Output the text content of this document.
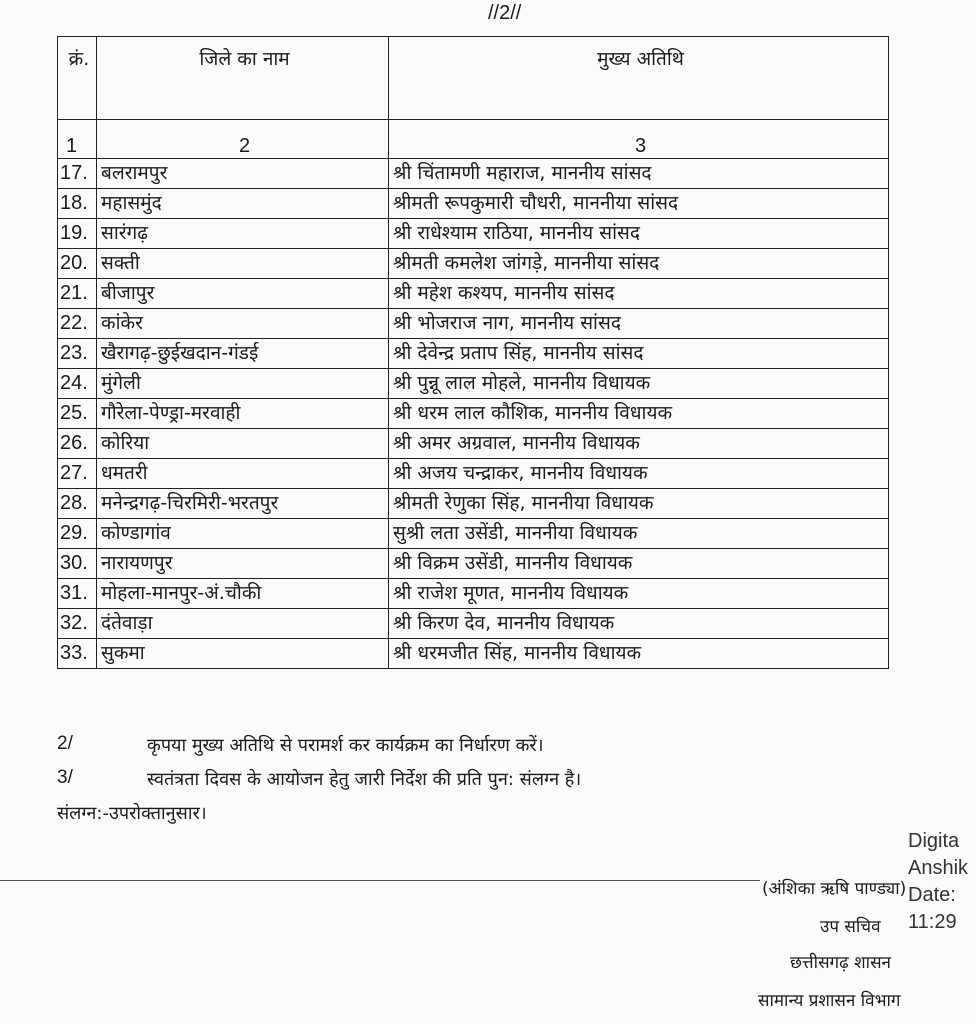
//2//
क्रं.	जिले का नाम	मुख्य अतिथि
1	2	3
17.	बलरामपुर	श्री चिंतामणी महाराज, माननीय सांसद
18.	महासमुंद	श्रीमती रूपकुमारी चौधरी, माननीया सांसद
19.	सारंगढ़	श्री राधेश्याम राठिया, माननीय सांसद
20.	सक्ती	श्रीमती कमलेश जांगड़े, माननीया सांसद
21.	बीजापुर	श्री महेश कश्यप, माननीय सांसद
22.	कांकेर	श्री भोजराज नाग, माननीय सांसद
23.	खैरागढ़-छुईखदान-गंडई	श्री देवेन्द्र प्रताप सिंह, माननीय सांसद
24.	मुंगेली	श्री पुन्नू लाल मोहले, माननीय विधायक
25.	गौरेला-पेण्ड्रा-मरवाही	श्री धरम लाल कौशिक, माननीय विधायक
26.	कोरिया	श्री अमर अग्रवाल, माननीय विधायक
27.	धमतरी	श्री अजय चन्द्राकर, माननीय विधायक
28.	मनेन्द्रगढ़-चिरमिरी-भरतपुर	श्रीमती रेणुका सिंह, माननीया विधायक
29.	कोण्डागांव	सुश्री लता उसेंडी, माननीया विधायक
30.	नारायणपुर	श्री विक्रम उसेंडी, माननीय विधायक
31.	मोहला-मानपुर-अं.चौकी	श्री राजेश मूणत, माननीय विधायक
32.	दंतेवाड़ा	श्री किरण देव, माननीय विधायक
33.	सुकमा	श्री धरमजीत सिंह, माननीय विधायक
2/	कृपया मुख्य अतिथि से परामर्श कर कार्यक्रम का निर्धारण करें।
3/	स्वतंत्रता दिवस के आयोजन हेतु जारी निर्देश की प्रति पुन: संलग्न है।
संलग्न:-उपरोक्तानुसार।
(अंशिका ऋषि पाण्ड्या)
उप सचिव
छत्तीसगढ़ शासन
सामान्य प्रशासन विभाग
Digita
Anshik
Date:
11:29
